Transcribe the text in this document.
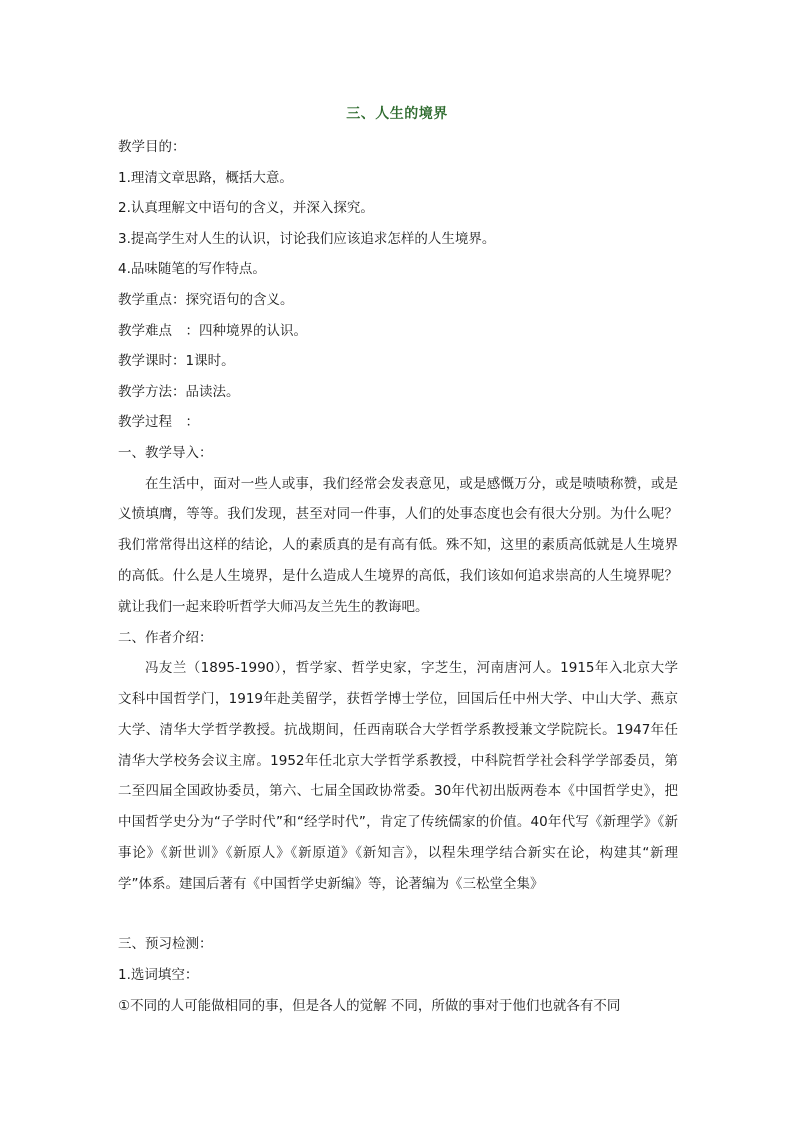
三、人生的境界

教学目的：

1.理清文章思路，概括大意。

2.认真理解文中语句的含义，并深入探究。

3.提高学生对人生的认识，讨论我们应该追求怎样的人生境界。

4.品味随笔的写作特点。

教学重点：探究语句的含义。

教学难点　：四种境界的认识。

教学课时：1课时。

教学方法：品读法。

教学过程　：

一、教学导入：

在生活中，面对一些人或事，我们经常会发表意见，或是感慨万分，或是啧啧称赞，或是义愤填膺，等等。我们发现，甚至对同一件事，人们的处事态度也会有很大分别。为什么呢？我们常常得出这样的结论，人的素质真的是有高有低。殊不知，这里的素质高低就是人生境界的高低。什么是人生境界，是什么造成人生境界的高低，我们该如何追求崇高的人生境界呢？就让我们一起来聆听哲学大师冯友兰先生的教诲吧。

二、作者介绍：

冯友兰（1895-1990），哲学家、哲学史家，字芝生，河南唐河人。1915年入北京大学文科中国哲学门，1919年赴美留学，获哲学博士学位，回国后任中州大学、中山大学、燕京大学、清华大学哲学教授。抗战期间，任西南联合大学哲学系教授兼文学院院长。1947年任清华大学校务会议主席。1952年任北京大学哲学系教授，中科院哲学社会科学学部委员，第二至四届全国政协委员，第六、七届全国政协常委。30年代初出版两卷本《中国哲学史》，把中国哲学史分为“子学时代”和“经学时代”，肯定了传统儒家的价值。40年代写《新理学》《新事论》《新世训》《新原人》《新原道》《新知言》，以程朱理学结合新实在论，构建其“新理学”体系。建国后著有《中国哲学史新编》等，论著编为《三松堂全集》

三、预习检测：

1.选词填空：

①不同的人可能做相同的事，但是各人的觉解 不同，所做的事对于他们也就各有不同
